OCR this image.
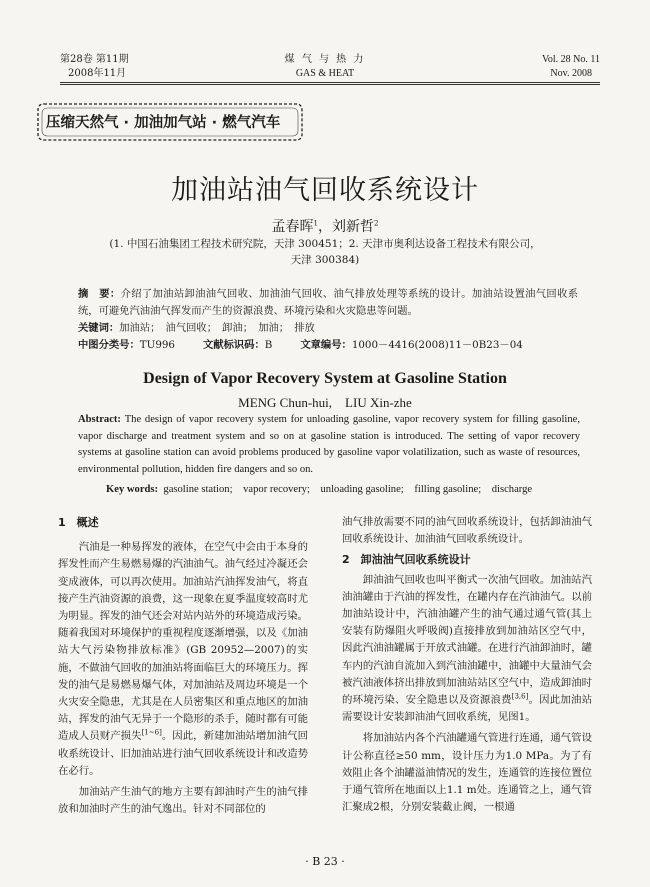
第28卷 第11期
2008年11月
煤 气 与 热 力
GAS & HEAT
Vol. 28 No. 11
Nov. 2008
压缩天然气 · 加油加气站 · 燃气汽车
加油站油气回收系统设计
孟春晖$^1$，刘新哲$^2$
(1. 中国石油集团工程技术研究院，天津 300451；2. 天津市奥利达设备工程技术有限公司，
天津 300384)
摘　要：介绍了加油站卸油油气回收、加油油气回收、油气排放处理等系统的设计。加油站设置油气回收系统，可避免汽油油气挥发而产生的资源浪费、环境污染和火灾隐患等问题。
关键词：加油站；　油气回收；　卸油；　加油；　排放
中图分类号：TU996	文献标识码：B	文章编号：1000－4416(2008)11－0B23－04
Design of Vapor Recovery System at Gasoline Station
MENG Chun-hui,　LIU Xin-zhe
Abstract: The design of vapor recovery system for unloading gasoline, vapor recovery system for filling gasoline, vapor discharge and treatment system and so on at gasoline station is introduced. The setting of vapor recovery systems at gasoline station can avoid problems produced by gasoline vapor volatilization, such as waste of resources, environmental pollution, hidden fire dangers and so on.
Key words: gasoline station;　vapor recovery;　unloading gasoline;　filling gasoline;　discharge
1　概述

汽油是一种易挥发的液体，在空气中会由于本身的挥发性而产生易燃易爆的汽油油气。油气经过冷凝还会变成液体，可以再次使用。加油站汽油挥发油气，将直接产生汽油资源的浪费，这一现象在夏季温度较高时尤为明显。挥发的油气还会对站内站外的环境造成污染。随着我国对环境保护的重视程度逐渐增强，以及《加油站大气污染物排放标准》(GB 20952—2007)的实施，不做油气回收的加油站将面临巨大的环境压力。挥发的油气是易燃易爆气体，对加油站及周边环境是一个火灾安全隐患，尤其是在人员密集区和重点地区的加油站，挥发的油气无异于一个隐形的杀手，随时都有可能造成人员财产损失[1~6]。因此，新建加油站增加油气回收系统设计、旧加油站进行油气回收系统设计和改造势在必行。

加油站产生油气的地方主要有卸油时产生的油气排放和加油时产生的油气逸出。针对不同部位的

油气排放需要不同的油气回收系统设计，包括卸油油气回收系统设计、加油油气回收系统设计。

2　卸油油气回收系统设计

卸油油气回收也叫平衡式一次油气回收。加油站汽油油罐由于汽油的挥发性，在罐内存在汽油油气。以前加油站设计中，汽油油罐产生的油气通过通气管(其上安装有防爆阻火呼吸阀)直接排放到加油站区空气中，因此汽油油罐属于开放式油罐。在进行汽油卸油时，罐车内的汽油自流加入到汽油油罐中，油罐中大量油气会被汽油液体挤出排放到加油站站区空气中，造成卸油时的环境污染、安全隐患以及资源浪费[3,6]。因此加油站需要设计安装卸油油气回收系统，见图1。

将加油站内各个汽油罐通气管进行连通，通气管设计公称直径≥50 mm，设计压力为1.0 MPa。为了有效阻止各个油罐溢油情况的发生，连通管的连接位置位于通气管所在地面以上1.1 m处。连通管之上，通气管汇聚成2根，分别安装截止阀，一根通

· B 23 ·
